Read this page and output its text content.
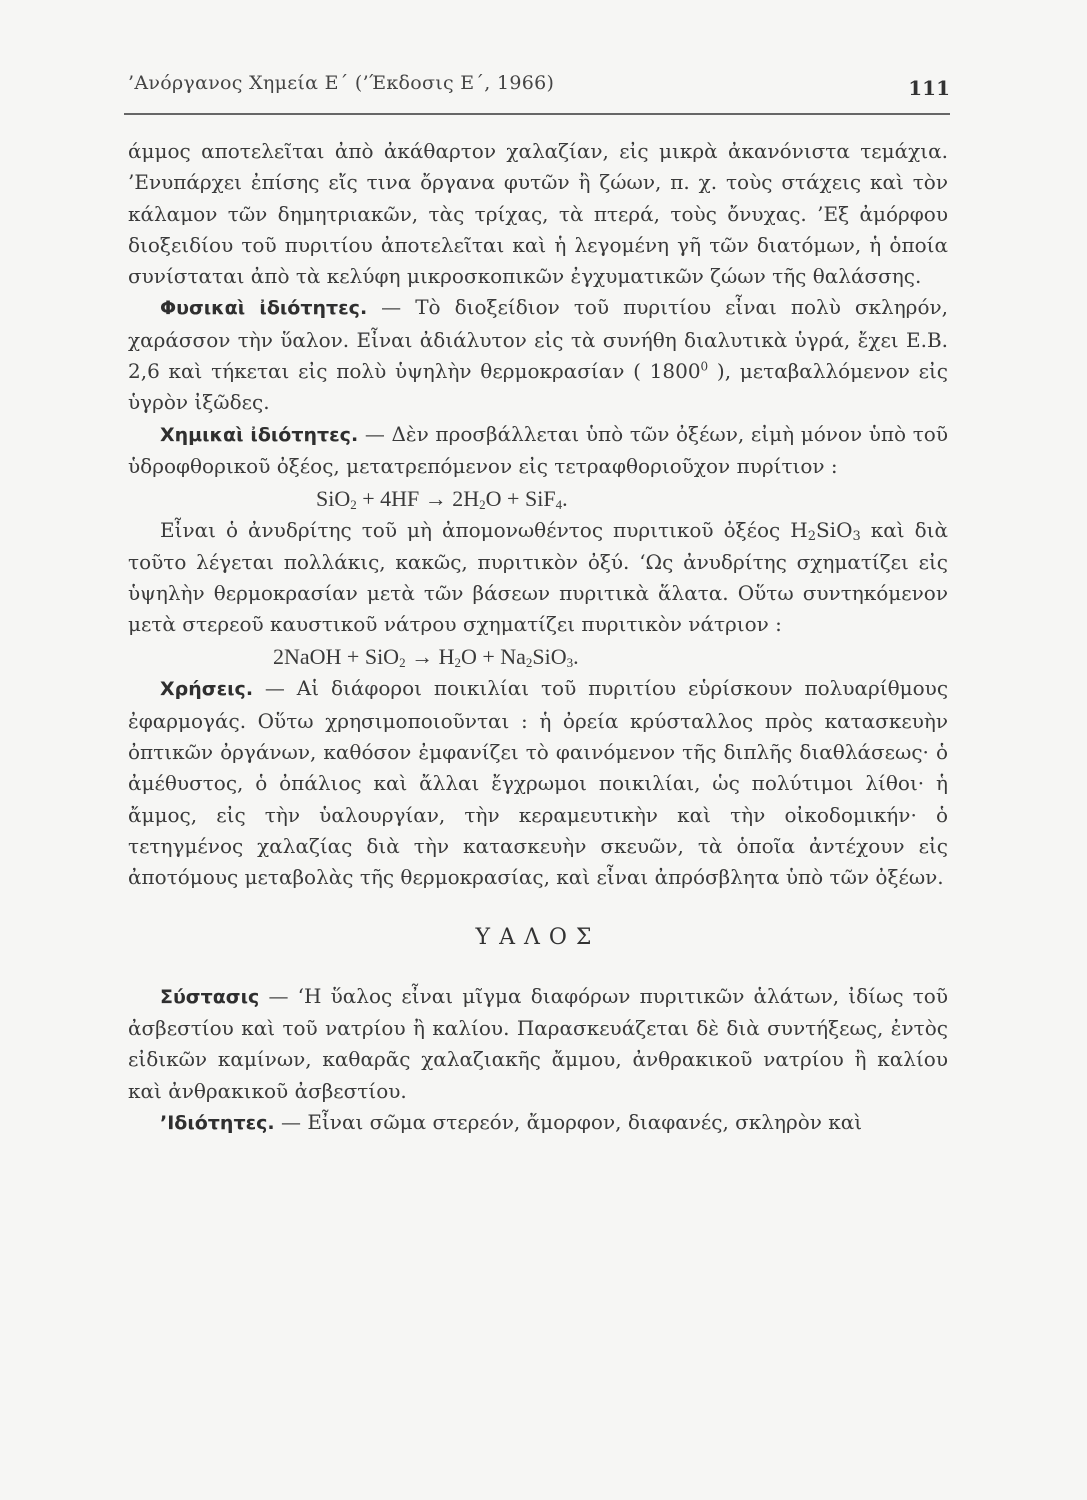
’Ανόργανος Χημεία Ε΄ (’Έκδοσις Ε΄, 1966)	111

άμμος αποτελεῖται ἀπὸ ἀκάθαρτον χαλαζίαν, εἰς μικρὰ ἀκανόνιστα τεμάχια. ’Ενυπάρχει ἐπίσης εἴς τινα ὄργανα φυτῶν ἢ ζώων, π. χ. τοὺς στάχεις καὶ τὸν κάλαμον τῶν δημητριακῶν, τὰς τρίχας, τὰ πτερά, τοὺς ὄνυχας. ’Εξ ἀμόρφου διοξειδίου τοῦ πυριτίου ἀποτελεῖται καὶ ἡ λεγομένη γῆ τῶν διατόμων, ἡ ὁποία συνίσταται ἀπὸ τὰ κελύφη μικροσκοπικῶν ἐγχυματικῶν ζώων τῆς θαλάσσης.

Φυσικαὶ ἰδιότητες. — Τὸ διοξείδιον τοῦ πυριτίου εἶναι πολὺ σκληρόν, χαράσσον τὴν ὕαλον. Εἶναι ἀδιάλυτον εἰς τὰ συνήθη διαλυτικὰ ὑγρά, ἔχει Ε.Β. 2,6 καὶ τήκεται εἰς πολὺ ὑψηλὴν θερμοκρασίαν ( 1800$^0$ ), μεταβαλλόμενον εἰς ὑγρὸν ἰξῶδες.

Χημικαὶ ἰδιότητες. — Δὲν προσβάλλεται ὑπὸ τῶν ὀξέων, εἰμὴ μόνον ὑπὸ τοῦ ὑδροφθορικοῦ ὀξέος, μετατρεπόμενον εἰς τετραφθοριοῦχον πυρίτιον :

$SiO_2 + 4HF \to 2H_2O + SiF_4$.

Εἶναι ὁ ἀνυδρίτης τοῦ μὴ ἀπομονωθέντος πυριτικοῦ ὀξέος $H_2SiO_3$ καὶ διὰ τοῦτο λέγεται πολλάκις, κακῶς, πυριτικὸν ὀξύ. ‘Ως ἀνυδρίτης σχηματίζει εἰς ὑψηλὴν θερμοκρασίαν μετὰ τῶν βάσεων πυριτικὰ ἅλατα. Οὕτω συντηκόμενον μετὰ στερεοῦ καυστικοῦ νάτρου σχηματίζει πυριτικὸν νάτριον :

2NaOH + $SiO_2 \to H_2O + Na_2SiO_3$.

Χρήσεις. — Αἱ διάφοροι ποικιλίαι τοῦ πυριτίου εὑρίσκουν πολυαρίθμους ἐφαρμογάς. Οὕτω χρησιμοποιοῦνται : ἡ ὀρεία κρύσταλλος πρὸς κατασκευὴν ὀπτικῶν ὀργάνων, καθόσον ἐμφανίζει τὸ φαινόμενον τῆς διπλῆς διαθλάσεως· ὁ ἀμέθυστος, ὁ ὀπάλιος καὶ ἄλλαι ἔγχρωμοι ποικιλίαι, ὡς πολύτιμοι λίθοι· ἡ ἄμμος, εἰς τὴν ὑαλουργίαν, τὴν κεραμευτικὴν καὶ τὴν οἰκοδομικήν· ὁ τετηγμένος χαλαζίας διὰ τὴν κατασκευὴν σκευῶν, τὰ ὁποῖα ἀντέχουν εἰς ἀποτόμους μεταβολὰς τῆς θερμοκρασίας, καὶ εἶναι ἀπρόσβλητα ὑπὸ τῶν ὀξέων.

ΥΑΛΟΣ

Σύστασις — ‘Η ὕαλος εἶναι μῖγμα διαφόρων πυριτικῶν ἁλάτων, ἰδίως τοῦ ἀσβεστίου καὶ τοῦ νατρίου ἢ καλίου. Παρασκευάζεται δὲ διὰ συντήξεως, ἐντὸς εἰδικῶν καμίνων, καθαρᾶς χαλαζιακῆς ἄμμου, ἀνθρακικοῦ νατρίου ἢ καλίου καὶ ἀνθρακικοῦ ἀσβεστίου.

’Ιδιότητες. — Εἶναι σῶμα στερεόν, ἄμορφον, διαφανές, σκληρὸν καὶ
